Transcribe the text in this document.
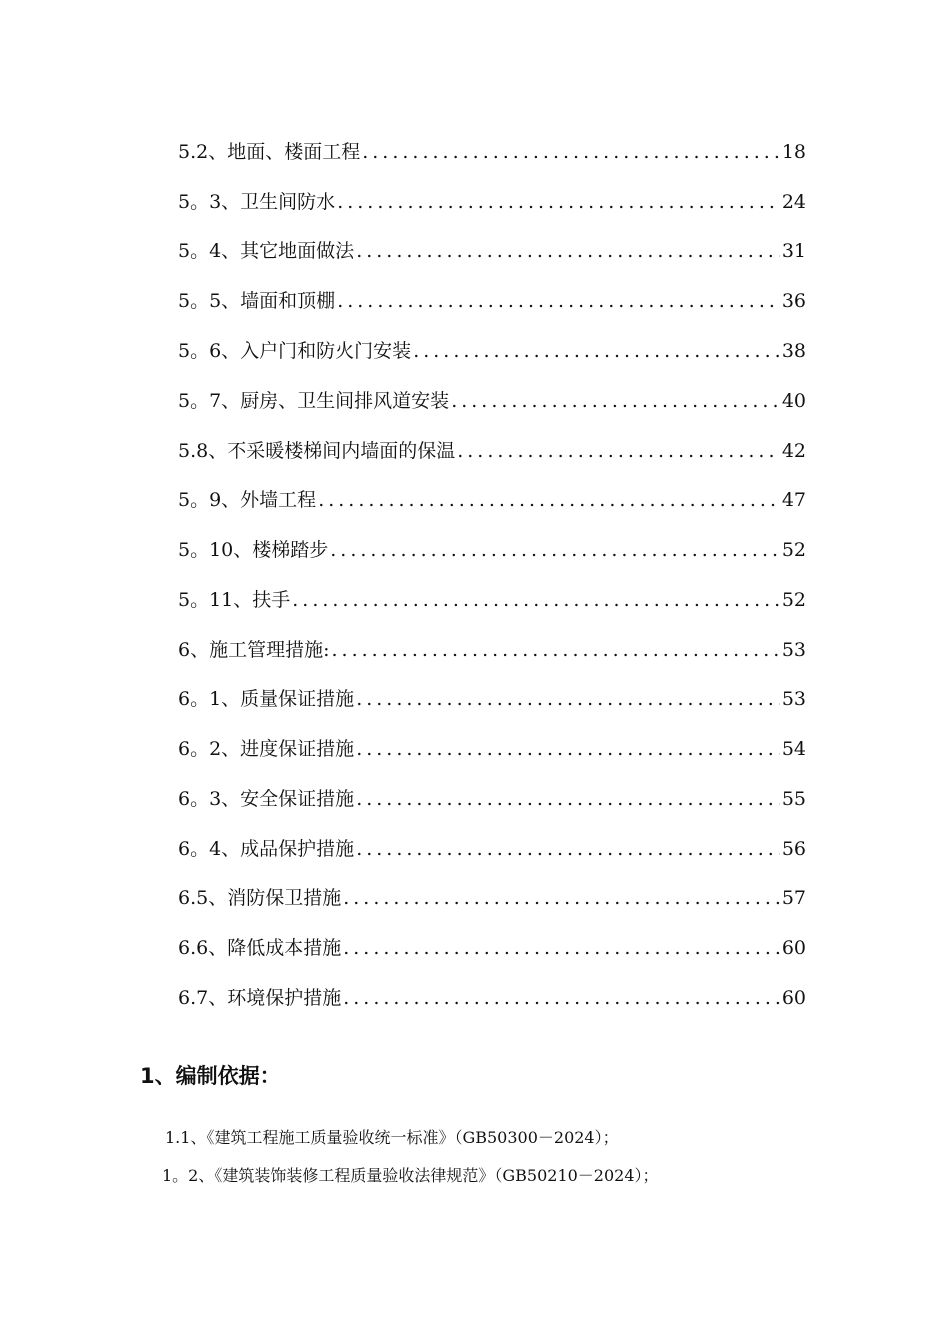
5.2、地面、楼面工程 .....	18
5。3、卫生间防水 .....	24
5。4、其它地面做法 .....	31
5。5、墙面和顶棚 .....	36
5。6、入户门和防火门安装 .....	38
5。7、厨房、卫生间排风道安装 .....	40
5.8、不采暖楼梯间内墙面的保温 .....	42
5。9、外墙工程 .....	47
5。10、楼梯踏步 .....	52
5。11、扶手 .....	52
6、施工管理措施: .....	53
6。1、质量保证措施 .....	53
6。2、进度保证措施 .....	54
6。3、安全保证措施 .....	55
6。4、成品保护措施 .....	56
6.5、消防保卫措施 .....	57
6.6、降低成本措施 .....	60
6.7、环境保护措施 .....	60
1、编制依据：
1.1、《建筑工程施工质量验收统一标准》（GB50300－2024）；
1。2、《建筑装饰装修工程质量验收法律规范》（GB50210－2024）；
